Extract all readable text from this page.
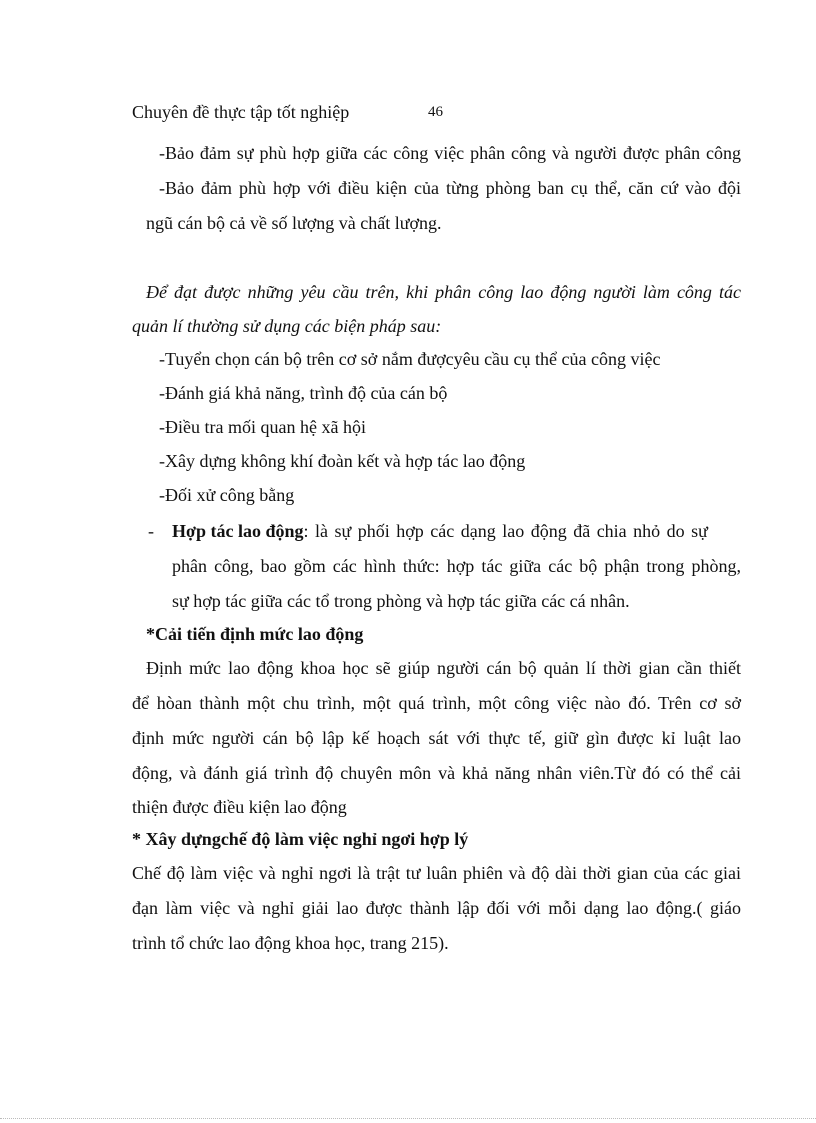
Chuyên đề thực tập tốt nghiệp	46
-Bảo đảm sự phù hợp giữa các công việc phân công và người được phân công
-Bảo đảm phù hợp với điều kiện của từng phòng ban cụ thể, căn cứ vào đội
ngũ cán bộ cả về số lượng và chất lượng.
Để đạt được những yêu cầu trên, khi phân công lao động người làm công tác
quản lí thường sử dụng các biện pháp sau:
-Tuyển chọn cán bộ trên cơ sở nắm đượcyêu cầu cụ thể của công việc
-Đánh giá khả năng, trình độ của cán bộ
-Điều tra mối quan hệ xã hội
-Xây dựng không khí đoàn kết và hợp tác lao động
-Đối xử công bằng
- Hợp tác lao động: là sự phối hợp các dạng lao động đã chia nhỏ do sự
phân công, bao gồm các hình thức: hợp tác giữa các bộ phận trong phòng,
sự hợp tác giữa các tổ trong phòng và hợp tác giữa các cá nhân.
*Cải tiến định mức lao động
Định mức lao động khoa học sẽ giúp người cán bộ quản lí thời gian cần thiết
để hòan thành một chu trình, một quá trình, một công việc nào đó. Trên cơ sở
định mức người cán bộ lập kế hoạch sát với thực tế, giữ gìn được kỉ luật lao
động, và đánh giá trình độ chuyên môn và khả năng nhân viên.Từ đó có thể cải
thiện được điều kiện lao động
* Xây dựngchế độ làm việc nghỉ ngơi hợp lý
Chế độ làm việc và nghỉ ngơi là trật tư luân phiên và độ dài thời gian của các giai
đạn làm việc và nghỉ giải lao được thành lập đối với mỗi dạng lao động.( giáo
trình tổ chức lao động khoa học, trang 215).
